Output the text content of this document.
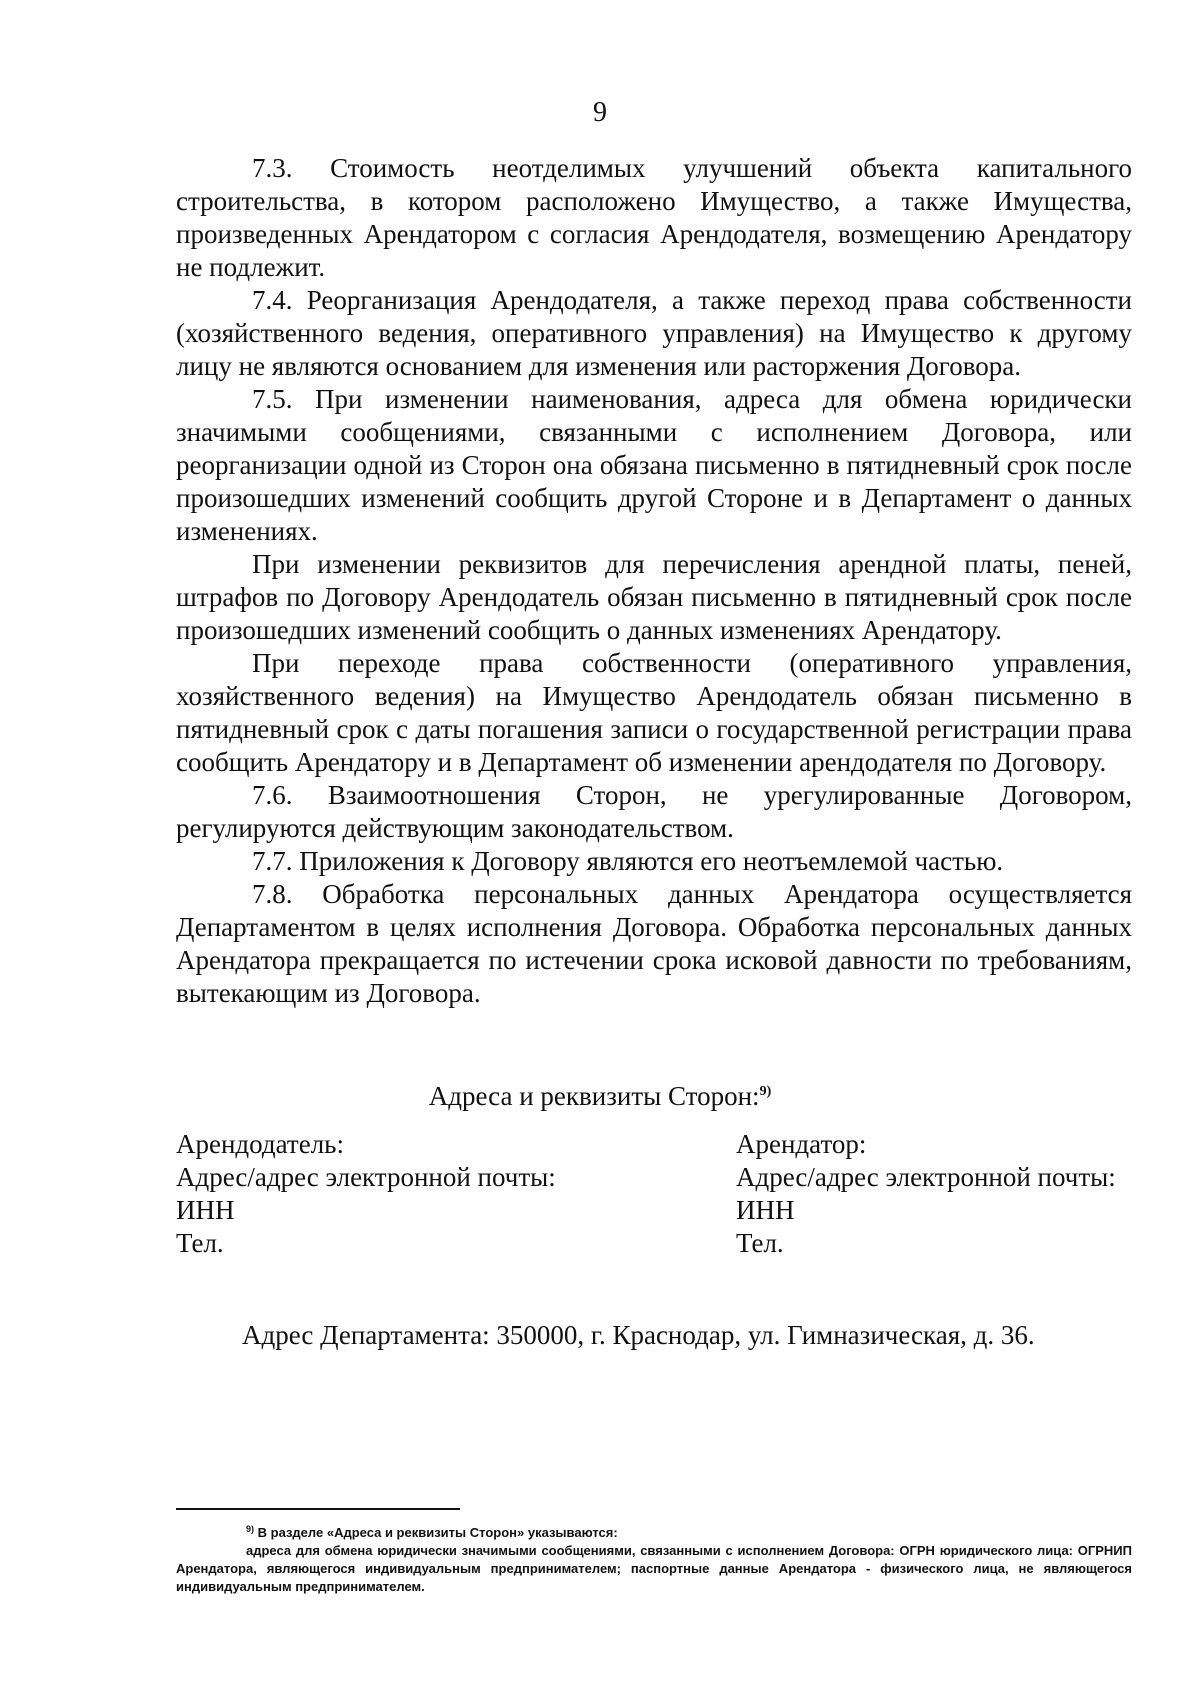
9

7.3. Стоимость неотделимых улучшений объекта капитального строительства, в котором расположено Имущество, а также Имущества, произведенных Арендатором с согласия Арендодателя, возмещению Арендатору не подлежит.

7.4. Реорганизация Арендодателя, а также переход права собственности (хозяйственного ведения, оперативного управления) на Имущество к другому лицу не являются основанием для изменения или расторжения Договора.

7.5. При изменении наименования, адреса для обмена юридически значимыми сообщениями, связанными с исполнением Договора, или реорганизации одной из Сторон она обязана письменно в пятидневный срок после произошедших изменений сообщить другой Стороне и в Департамент о данных изменениях.

При изменении реквизитов для перечисления арендной платы, пеней, штрафов по Договору Арендодатель обязан письменно в пятидневный срок после произошедших изменений сообщить о данных изменениях Арендатору.

При переходе права собственности (оперативного управления, хозяйственного ведения) на Имущество Арендодатель обязан письменно в пятидневный срок с даты погашения записи о государственной регистрации права сообщить Арендатору и в Департамент об изменении арендодателя по Договору.

7.6. Взаимоотношения Сторон, не урегулированные Договором, регулируются действующим законодательством.

7.7. Приложения к Договору являются его неотъемлемой частью.

7.8. Обработка персональных данных Арендатора осуществляется Департаментом в целях исполнения Договора. Обработка персональных данных Арендатора прекращается по истечении срока исковой давности по требованиям, вытекающим из Договора.

Адреса и реквизиты Сторон:$^{9)}$
Арендодатель:
Адрес/адрес электронной почты:
ИНН
Тел.
Арендатор:
Адрес/адрес электронной почты:
ИНН
Тел.
Адрес Департамента: 350000, г. Краснодар, ул. Гимназическая, д. 36.

$^{9)}$ В разделе «Адреса и реквизиты Сторон» указываются:

адреса для обмена юридически значимыми сообщениями, связанными с исполнением Договора: ОГРН юридического лица: ОГРНИП Арендатора, являющегося индивидуальным предпринимателем; паспортные данные Арендатора - физического лица, не являющегося индивидуальным предпринимателем.
